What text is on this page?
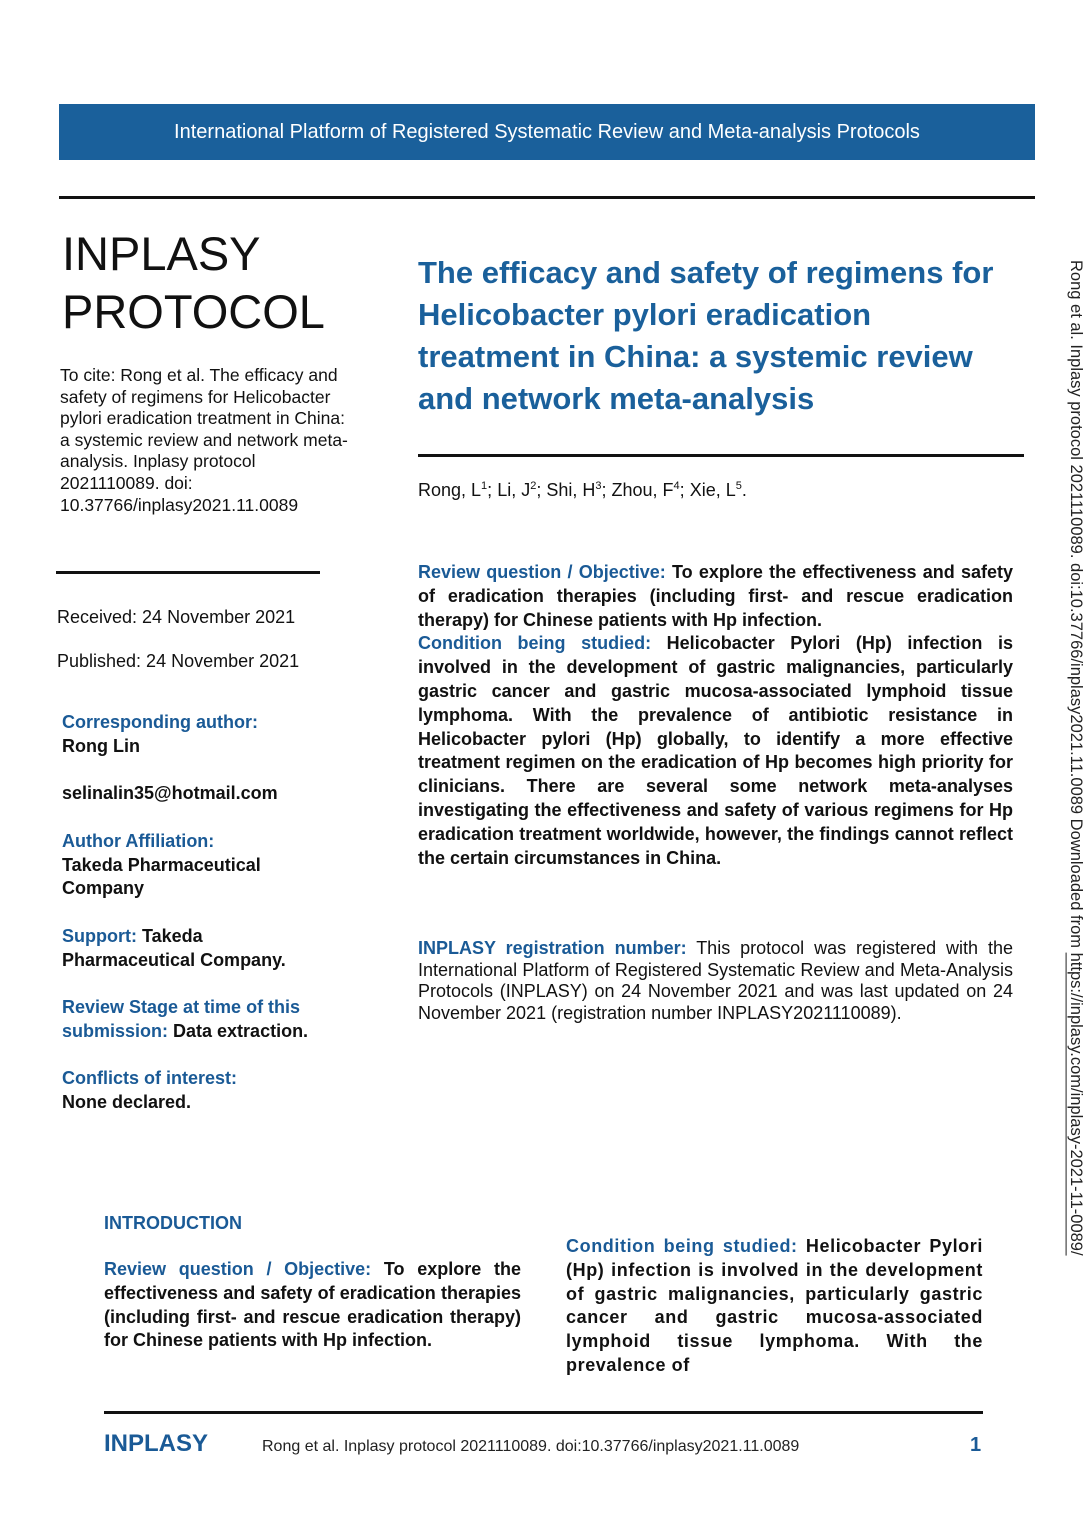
International Platform of Registered Systematic Review and Meta-analysis Protocols
INPLASY
PROTOCOL
To cite: Rong et al. The efficacy and safety of regimens for Helicobacter pylori eradication treatment in China: a systemic review and network meta-analysis. Inplasy protocol 2021110089. doi: 10.37766/inplasy2021.11.0089
Received: 24 November 2021
Published: 24 November 2021
Corresponding author:
Rong Lin
selinalin35@hotmail.com
Author Affiliation:
Takeda Pharmaceutical Company
Support: Takeda Pharmaceutical Company.
Review Stage at time of this submission: Data extraction.
Conflicts of interest:
None declared.
The efficacy and safety of regimens for Helicobacter pylori eradication treatment in China: a systemic review and network meta-analysis
Rong, $L^1$; Li, $J^2$; Shi, $H^3$; Zhou, $F^4$; Xie, $L^5$.

Review question / Objective: To explore the effectiveness and safety of eradication therapies (including first- and rescue eradication therapy) for Chinese patients with Hp infection.

Condition being studied: Helicobacter Pylori (Hp) infection is involved in the development of gastric malignancies, particularly gastric cancer and gastric mucosa-associated lymphoid tissue lymphoma. With the prevalence of antibiotic resistance in Helicobacter pylori (Hp) globally, to identify a more effective treatment regimen on the eradication of Hp becomes high priority for clinicians. There are several some network meta-analyses investigating the effectiveness and safety of various regimens for Hp eradication treatment worldwide, however, the findings cannot reflect the certain circumstances in China.

INPLASY registration number: This protocol was registered with the International Platform of Registered Systematic Review and Meta-Analysis Protocols (INPLASY) on 24 November 2021 and was last updated on 24 November 2021 (registration number INPLASY2021110089).
INTRODUCTION
Review question / Objective: To explore the effectiveness and safety of eradication therapies (including first- and rescue eradication therapy) for Chinese patients with Hp infection.
Condition being studied: Helicobacter Pylori (Hp) infection is involved in the development of gastric malignancies, particularly gastric cancer and gastric mucosa-associated lymphoid tissue lymphoma. With the prevalence of
INPLASY	Rong et al. Inplasy protocol 2021110089. doi:10.37766/inplasy2021.11.0089	1
Rong et al. Inplasy protocol 2021110089. doi:10.37766/inplasy2021.11.0089 Downloaded from https://inplasy.com/inplasy-2021-11-0089/
